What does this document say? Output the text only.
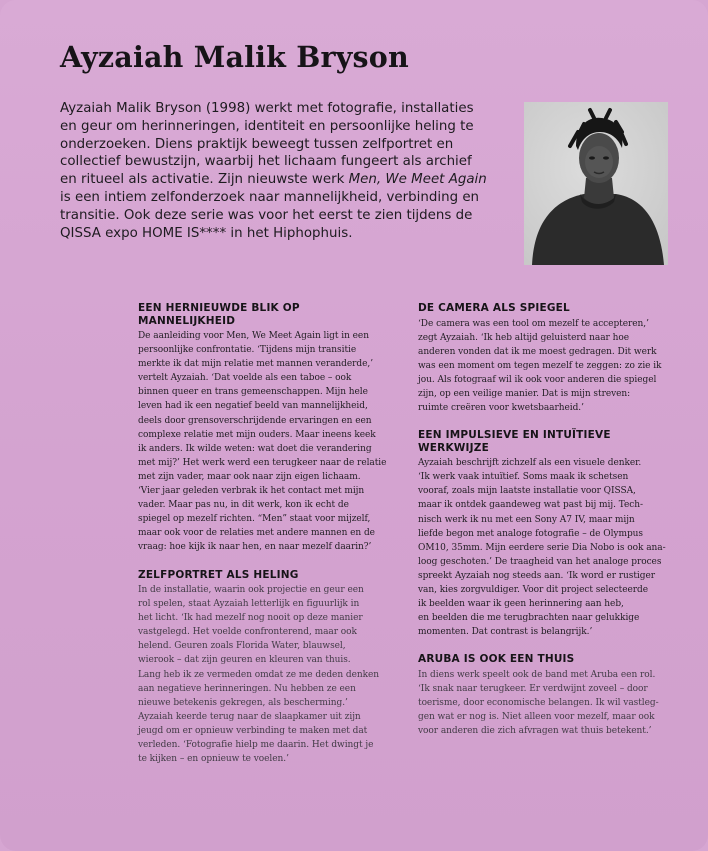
Ayzaiah Malik Bryson

Ayzaiah Malik Bryson (1998) werkt met fotografie, installaties
en geur om herinneringen, identiteit en persoonlijke heling te
onderzoeken. Diens praktijk beweegt tussen zelfportret en
collectief bewustzijn, waarbij het lichaam fungeert als archief
en ritueel als activatie. Zijn nieuwste werk Men, We Meet Again
is een intiem zelfonderzoek naar mannelijkheid, verbinding en
transitie. Ook deze serie was voor het eerst te zien tijdens de
QISSA expo HOME IS**** in het Hiphophuis.

EEN HERNIEUWDE BLIK OP
MANNELIJKHEID

De aanleiding voor Men, We Meet Again ligt in een
persoonlijke confrontatie. ‘Tijdens mijn transitie
merkte ik dat mijn relatie met mannen veranderde,’
vertelt Ayzaiah. ‘Dat voelde als een taboe – ook
binnen queer en trans gemeenschappen. Mijn hele
leven had ik een negatief beeld van mannelijkheid,
deels door grensoverschrijdende ervaringen en een
complexe relatie met mijn ouders. Maar ineens keek
ik anders. Ik wilde weten: wat doet die verandering
met mij?’ Het werk werd een terugkeer naar de relatie
met zijn vader, maar ook naar zijn eigen lichaam.
‘Vier jaar geleden verbrak ik het contact met mijn
vader. Maar pas nu, in dit werk, kon ik echt de
spiegel op mezelf richten. “Men” staat voor mijzelf,
maar ook voor de relaties met andere mannen en de
vraag: hoe kijk ik naar hen, en naar mezelf daarin?’

ZELFPORTRET ALS HELING

In de installatie, waarin ook projectie en geur een
rol spelen, staat Ayzaiah letterlijk en figuurlijk in
het licht. ‘Ik had mezelf nog nooit op deze manier
vastgelegd. Het voelde confronterend, maar ook
helend. Geuren zoals Florida Water, blauwsel,
wierook – dat zijn geuren en kleuren van thuis.
Lang heb ik ze vermeden omdat ze me deden denken
aan negatieve herinneringen. Nu hebben ze een
nieuwe betekenis gekregen, als bescherming.’
Ayzaiah keerde terug naar de slaapkamer uit zijn
jeugd om er opnieuw verbinding te maken met dat
verleden. ‘Fotografie hielp me daarin. Het dwingt je
te kijken – en opnieuw te voelen.’

DE CAMERA ALS SPIEGEL

‘De camera was een tool om mezelf te accepteren,’
zegt Ayzaiah. ‘Ik heb altijd geluisterd naar hoe
anderen vonden dat ik me moest gedragen. Dit werk
was een moment om tegen mezelf te zeggen: zo zie ik
jou. Als fotograaf wil ik ook voor anderen die spiegel
zijn, op een veilige manier. Dat is mijn streven:
ruimte creëren voor kwetsbaarheid.’

EEN IMPULSIEVE EN INTUÏTIEVE
WERKWIJZE

Ayzaiah beschrijft zichzelf als een visuele denker.
‘Ik werk vaak intuïtief. Soms maak ik schetsen
vooraf, zoals mijn laatste installatie voor QISSA,
maar ik ontdek gaandeweg wat past bij mij. Tech-
nisch werk ik nu met een Sony A7 IV, maar mijn
liefde begon met analoge fotografie – de Olympus
OM10, 35mm. Mijn eerdere serie Dia Nobo is ook ana-
loog geschoten.’ De traagheid van het analoge proces
spreekt Ayzaiah nog steeds aan. ‘Ik word er rustiger
van, kies zorgvuldiger. Voor dit project selecteerde
ik beelden waar ik geen herinnering aan heb,
en beelden die me terugbrachten naar gelukkige
momenten. Dat contrast is belangrijk.’

ARUBA IS OOK EEN THUIS

In diens werk speelt ook de band met Aruba een rol.
‘Ik snak naar terugkeer. Er verdwijnt zoveel – door
toerisme, door economische belangen. Ik wil vastleg-
gen wat er nog is. Niet alleen voor mezelf, maar ook
voor anderen die zich afvragen wat thuis betekent.’
